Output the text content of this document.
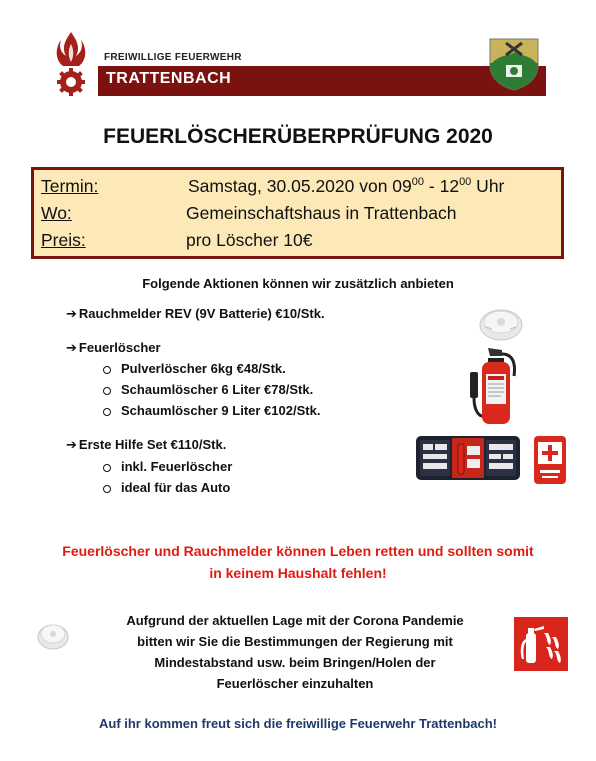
FREIWILLIGE FEUERWEHR
TRATTENBACH
FEUERLÖSCHERÜBERPRÜFUNG 2020
Termin:	Samstag, 30.05.2020 von $09^{00} - 12^{00}$ Uhr
Wo:	Gemeinschaftshaus in Trattenbach
Preis:	pro Löscher 10€
Folgende Aktionen können wir zusätzlich anbieten
➔ Rauchmelder REV (9V Batterie) €10/Stk.
➔ Feuerlöscher
Pulverlöscher 6kg €48/Stk.
Schaumlöscher 6 Liter €78/Stk.
Schaumlöscher 9 Liter €102/Stk.
➔ Erste Hilfe Set €110/Stk.
inkl. Feuerlöscher
ideal für das Auto
Feuerlöscher und Rauchmelder können Leben retten und sollten somit
in keinem Haushalt fehlen!
Aufgrund der aktuellen Lage mit der Corona Pandemie
bitten wir Sie die Bestimmungen der Regierung mit
Mindestabstand usw. beim Bringen/Holen der
Feuerlöscher einzuhalten
Auf ihr kommen freut sich die freiwillige Feuerwehr Trattenbach!
